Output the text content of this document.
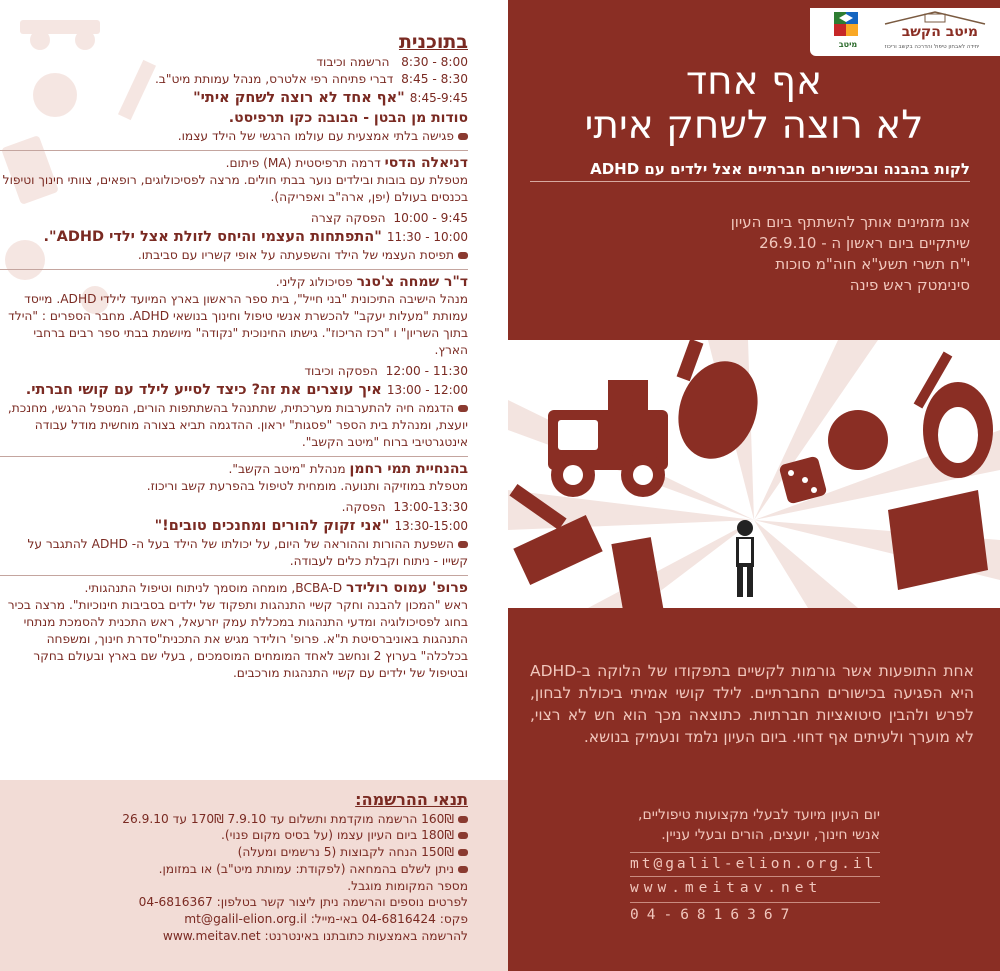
בתוכנית
8:00 - 8:30   הרשמה וכיבוד
8:30 - 8:45  דברי פתיחה רפי אלטרס, מנהל עמותת מיט"ב.
8:45-9:45 "אף אחד לא רוצה לשחק איתי"
סודות מן הבטן - הבובה כקו תרפיסט.
פגישה בלתי אמצעית עם עולמו הרגשי של הילד עצמו.
דניאלה הדסי דרמה תרפיסטית (MA) פיתום.
מטפלת עם בובות ובילדים נוער בבתי חולים. מרצה לפסיכולוגים, רופאים, צוותי חינוך וטיפול בכנסים בעולם (יפן, ארה"ב ואפריקה).
9:45 - 10:00  הפסקה קצרה
10:00 - 11:30 "התפתחות העצמי והיחס לזולת אצל ילדי ADHD".
תפיסת העצמי של הילד והשפעתה על אופי קשריו עם סביבתו.
ד"ר שמחה צ'סנר פסיכולוג קליני.
מנהל הישיבה התיכונית "בני חייל", בית ספר הראשון בארץ המיועד לילדי ADHD. מייסד עמותת "מעלות יעקב" להכשרת אנשי טיפול וחינוך בנושאי ADHD. מחבר הספרים : "הילד בתוך השריון" ו "רכז הריכוז". גישתו החינוכית "נקודה" מיושמת בבתי ספר רבים ברחבי הארץ.
11:30 - 12:00  הפסקה וכיבוד
12:00 - 13:00 איך עוצרים את זה? כיצד לסייע לילד עם קושי חברתי.
הדגמה חיה להתערבות מערכתית, שתתנהל בהשתתפות הורים, המטפל הרגשי, מחנכת, יועצת, ומנהלת בית הספר "פסגות" יראון. ההדגמה תביא בצורה מוחשית מודל עבודה אינטגרטיבי ברוח "מיטב הקשב".
בהנחיית תמי רחמן מנהלת "מיטב הקשב".
מטפלת במוזיקה ותנועה. מומחית לטיפול בהפרעת קשב וריכוז.
13:00-13:30  הפסקה.
13:30-15:00 "אני זקוק להורים ומחנכים טובים!"
השפעת ההורות וההוראה של היום, על יכולתו של הילד בעל ה- ADHD להתגבר על קשייו - ניתוח וקבלת כלים לעבודה.
פרופ' עמוס רולידר BCBA-D, מומחה מוסמך לניתוח וטיפול התנהגותי.
ראש "המכון להבנה וחקר קשיי התנהגות ותפקוד של ילדים בסביבות חינוכיות". מרצה בכיר בחוג לפסיכולוגיה ומדעי התנהגות במכללת עמק יזרעאל, ראש התכנית להסמכת מנתחי התנהגות באוניברסיטת ת"א. פרופ' רולידר מגיש את התכנית"סדרת חינוך, ומשפחה בכלכלה" בערוץ 2 ונחשב לאחד המומחים המוסמכים , בעלי שם בארץ ובעולם בחקר ובטיפול של ילדים עם קשיי התנהגות מורכבים.
תנאי ההרשמה:
160₪ הרשמה מוקדמת ותשלום עד 7.9.10 170₪ עד 26.9.10
180₪ ביום העיון עצמו (על בסיס מקום פנוי).
150₪ הנחה לקבוצות (5 נרשמים ומעלה)
ניתן לשלם בהמחאה (לפקודת: עמותת מיט"ב) או במזומן.
מספר המקומות מוגבל.
לפרטים נוספים והרשמה ניתן ליצור קשר בטלפון: 04-6816367
פקס: 04-6816424 באי-מייל: mt@galil-elion.org.il
להרשמה באמצעות כתובתנו באינטרנט: www.meitav.net
מיטב
מיטב הקשב
יחידה לאבחון טיפול והדרכה בקשב וריכוז
אף אחד
לא רוצה לשחק איתי
לקות בהבנה ובכישורים חברתיים אצל ילדים עם ADHD
אנו מזמינים אותך להשתתף ביום העיון
שיתקיים ביום ראשון ה - 26.9.10
י"ח תשרי תשע"א חוה"מ סוכות
סינימטק ראש פינה
אחת התופעות אשר גורמות לקשיים בתפקודו של הלוקה ב-ADHD היא הפגיעה בכישורים החברתיים. לילד קושי אמיתי ביכולת לבחון, לפרש ולהבין סיטואציות חברתיות. כתוצאה מכך הוא חש לא רצוי, לא מוערך ולעיתים אף דחוי. ביום העיון נלמד ונעמיק בנושא.
יום העיון מיועד לבעלי מקצועות טיפוליים,
אנשי חינוך, יועצים, הורים ובעלי עניין.
mt@galil-elion.org.il
www.meitav.net
04-6816367
